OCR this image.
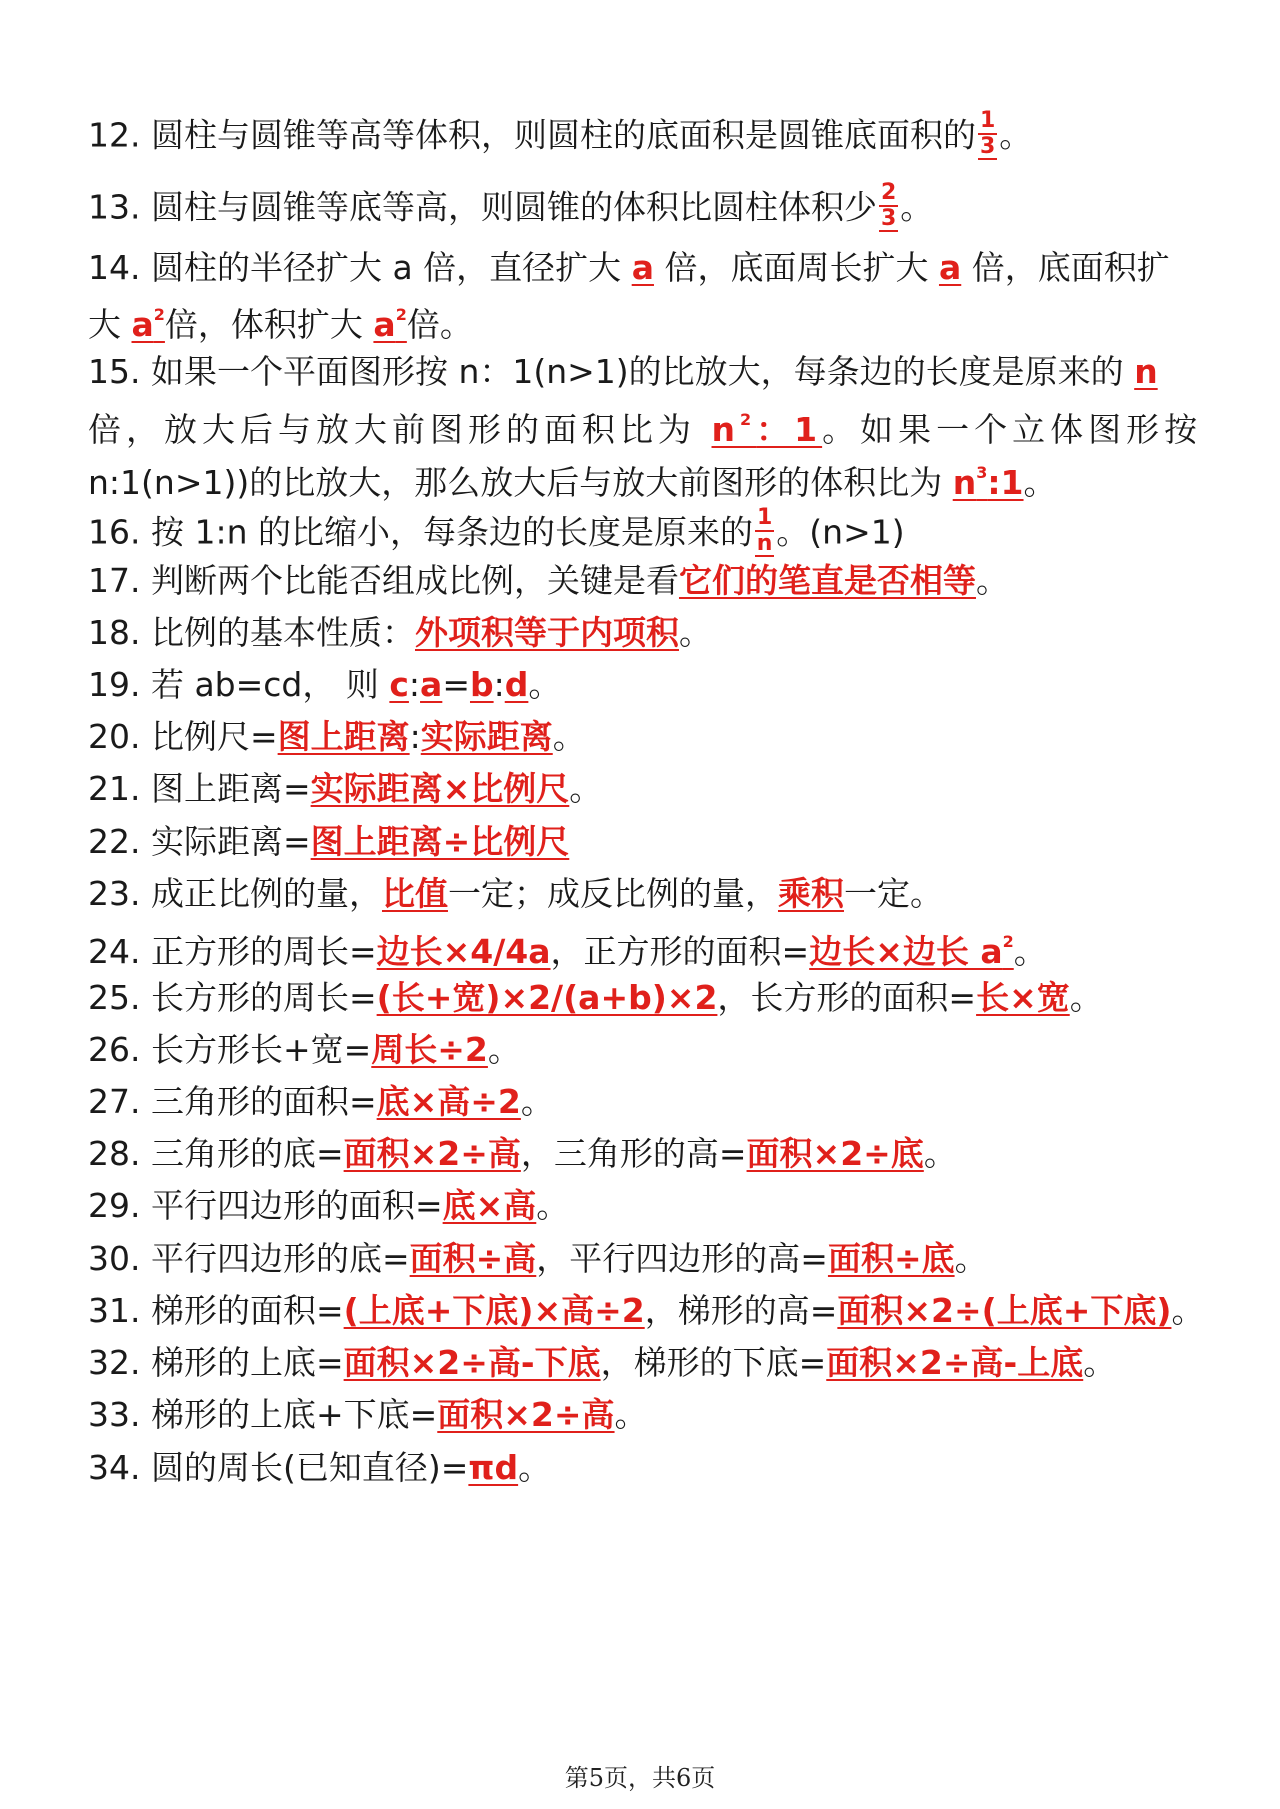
12. 圆柱与圆锥等高等体积，则圆柱的底面积是圆锥底面积的 $\frac{1}{3}$ 。
13. 圆柱与圆锥等底等高，则圆锥的体积比圆柱体积少 $\frac{2}{3}$ 。
14. 圆柱的半径扩大 a 倍，直径扩大 a 倍，底面周长扩大 a 倍，底面积扩
大 $a^2$倍，体积扩大 $a^2$倍。
15. 如果一个平面图形按 n：1(n>1)的比放大，每条边的长度是原来的 n
倍，放大后与放大前图形的面积比为 $n^2$：1。如果一个立体图形按
n:1(n>1))的比放大，那么放大后与放大前图形的体积比为 $n^3:1$。
16. 按 1:n 的比缩小，每条边的长度是原来的 $\frac{1}{n}$ 。(n>1)
17. 判断两个比能否组成比例，关键是看它们的笔直是否相等。
18. 比例的基本性质：外项积等于内项积。
19. 若 ab=cd， 则 c:a=b:d。
20. 比例尺=图上距离:实际距离。
21. 图上距离=实际距离×比例尺。
22. 实际距离=图上距离÷比例尺
23. 成正比例的量，比值一定；成反比例的量，乘积一定。
24. 正方形的周长=边长×4/4a，正方形的面积=边长×边长 $a^2$。
25. 长方形的周长=(长+宽)×2/(a+b)×2，长方形的面积=长×宽。
26. 长方形长+宽=周长÷2。
27. 三角形的面积=底×高÷2。
28. 三角形的底=面积×2÷高，三角形的高=面积×2÷底。
29. 平行四边形的面积=底×高。
30. 平行四边形的底=面积÷高，平行四边形的高=面积÷底。
31. 梯形的面积=(上底+下底)×高÷2，梯形的高=面积×2÷(上底+下底)。
32. 梯形的上底=面积×2÷高-下底，梯形的下底=面积×2÷高-上底。
33. 梯形的上底+下底=面积×2÷高。
34. 圆的周长(已知直径)=πd。
第5页，共6页
